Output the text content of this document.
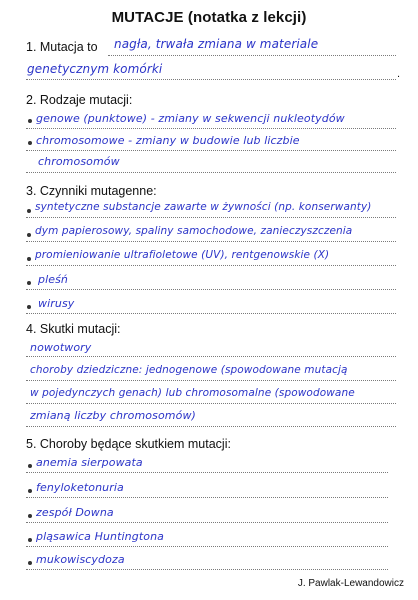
MUTACJE (notatka z lekcji)
1. Mutacja to nagła, trwała zmiana w materiale
genetycznym komórki	.
2. Rodzaje mutacji:
genowe (punktowe) - zmiany w sekwencji nukleotydów
chromosomowe - zmiany w budowie lub liczbie
chromosomów
3. Czynniki mutagenne:
syntetyczne substancje zawarte w żywności (np. konserwanty)
dym papierosowy, spaliny samochodowe, zanieczyszczenia
promieniowanie ultrafioletowe (UV), rentgenowskie (X)
pleśń
wirusy
4. Skutki mutacji:
nowotwory
choroby dziedziczne: jednogenowe (spowodowane mutacją
w pojedynczych genach) lub chromosomalne (spowodowane
zmianą liczby chromosomów)
5. Choroby będące skutkiem mutacji:
anemia sierpowata
fenyloketonuria
zespół Downa
pląsawica Huntingtona
mukowiscydoza
J. Pawlak-Lewandowicz
